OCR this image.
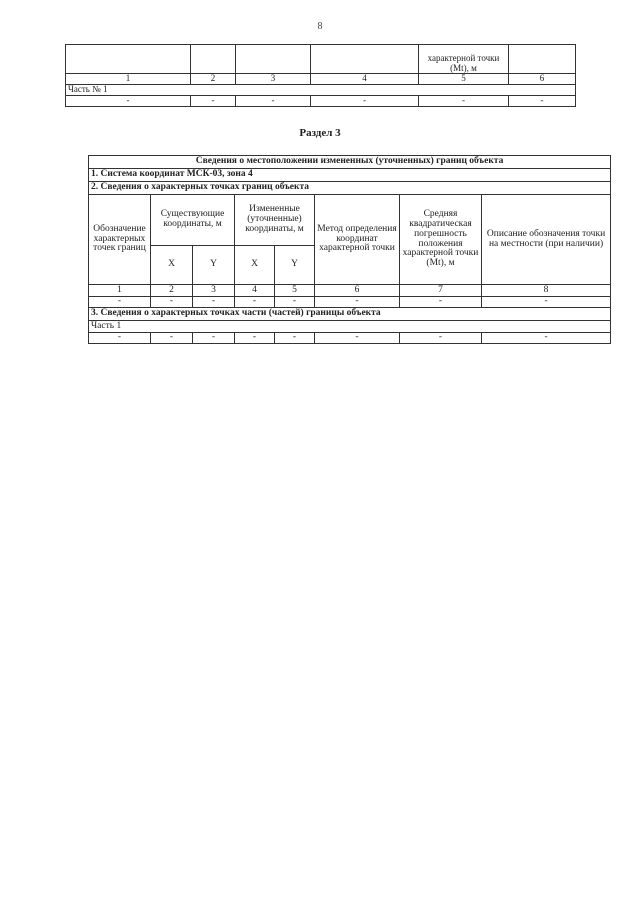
8
				характерной точки (Mt), м	
1	2	3	4	5	6
Часть № 1					
-	-	-	-	-	-
Раздел 3
Сведения о местоположении измененных (уточненных) границ объекта							
1. Система координат МСК-03, зона 4							
2. Сведения о характерных точках границ объекта							
Обозначение характерных точек границ	Существующие координаты, м		Измененные (уточненные) координаты, м		Метод определения координат характерной точки	Средняя квадратическая погрешность положения характерной точки (Mt), м	Описание обозначения точки на местности (при наличии)
	X	Y	X	Y			
1	2	3	4	5	6	7	8
-	-	-	-	-	-	-	-
3. Сведения о характерных точках части (частей) границы объекта							
Часть 1							
-	-	-	-	-	-	-	-
